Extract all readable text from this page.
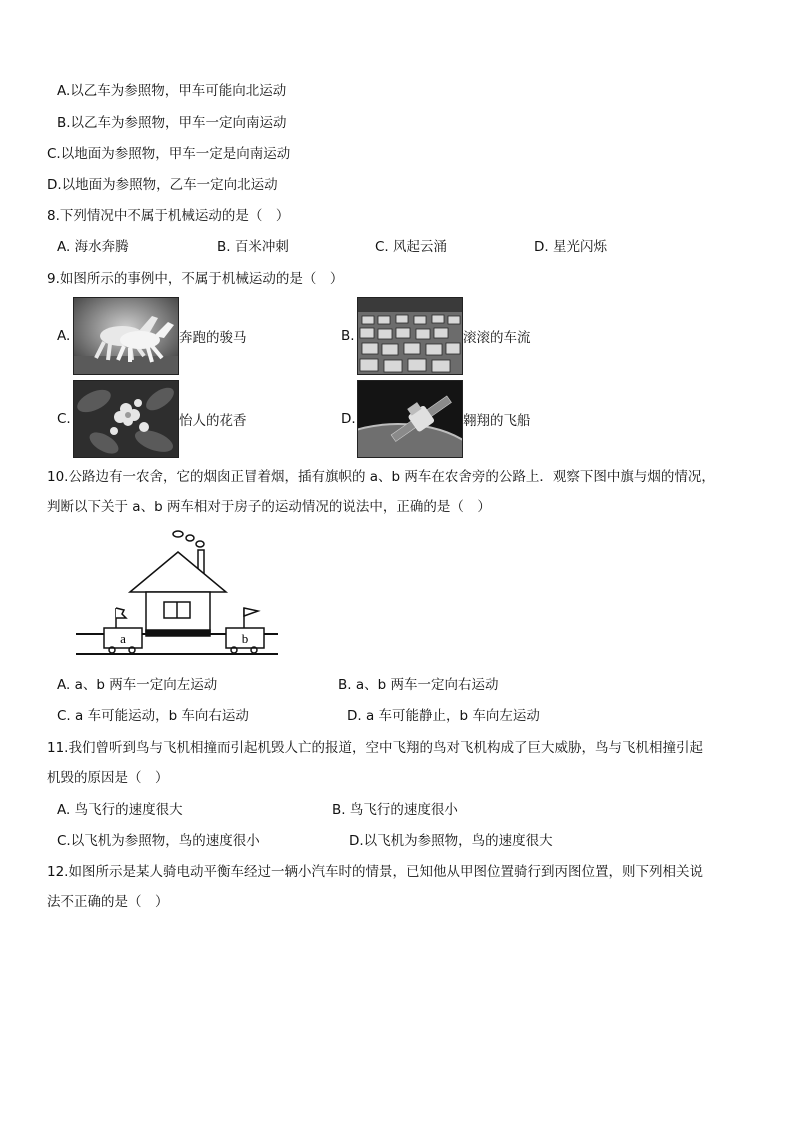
A.以乙车为参照物，甲车可能向北运动
B.以乙车为参照物，甲车一定向南运动
C.以地面为参照物，甲车一定是向南运动
D.以地面为参照物，乙车一定向北运动
8.下列情况中不属于机械运动的是（　）
A. 海水奔腾	B. 百米冲刺	C. 风起云涌	D. 星光闪烁
9.如图所示的事例中，不属于机械运动的是（　）
A.	奔跑的骏马	B.	滚滚的车流
C.	怡人的花香	D.	翱翔的飞船
10.公路边有一农舍，它的烟囱正冒着烟，插有旗帜的 a、b 两车在农舍旁的公路上．观察下图中旗与烟的情况，
判断以下关于 a、b 两车相对于房子的运动情况的说法中，正确的是（　）
a	b
A. a、b 两车一定向左运动	B. a、b 两车一定向右运动
C. a 车可能运动，b 车向右运动	D. a 车可能静止，b 车向左运动
11.我们曾听到鸟与飞机相撞而引起机毁人亡的报道，空中飞翔的鸟对飞机构成了巨大威胁，鸟与飞机相撞引起
机毁的原因是（　）
A. 鸟飞行的速度很大	B. 鸟飞行的速度很小
C.以飞机为参照物，鸟的速度很小	D.以飞机为参照物，鸟的速度很大
12.如图所示是某人骑电动平衡车经过一辆小汽车时的情景，已知他从甲图位置骑行到丙图位置，则下列相关说
法不正确的是（　）
